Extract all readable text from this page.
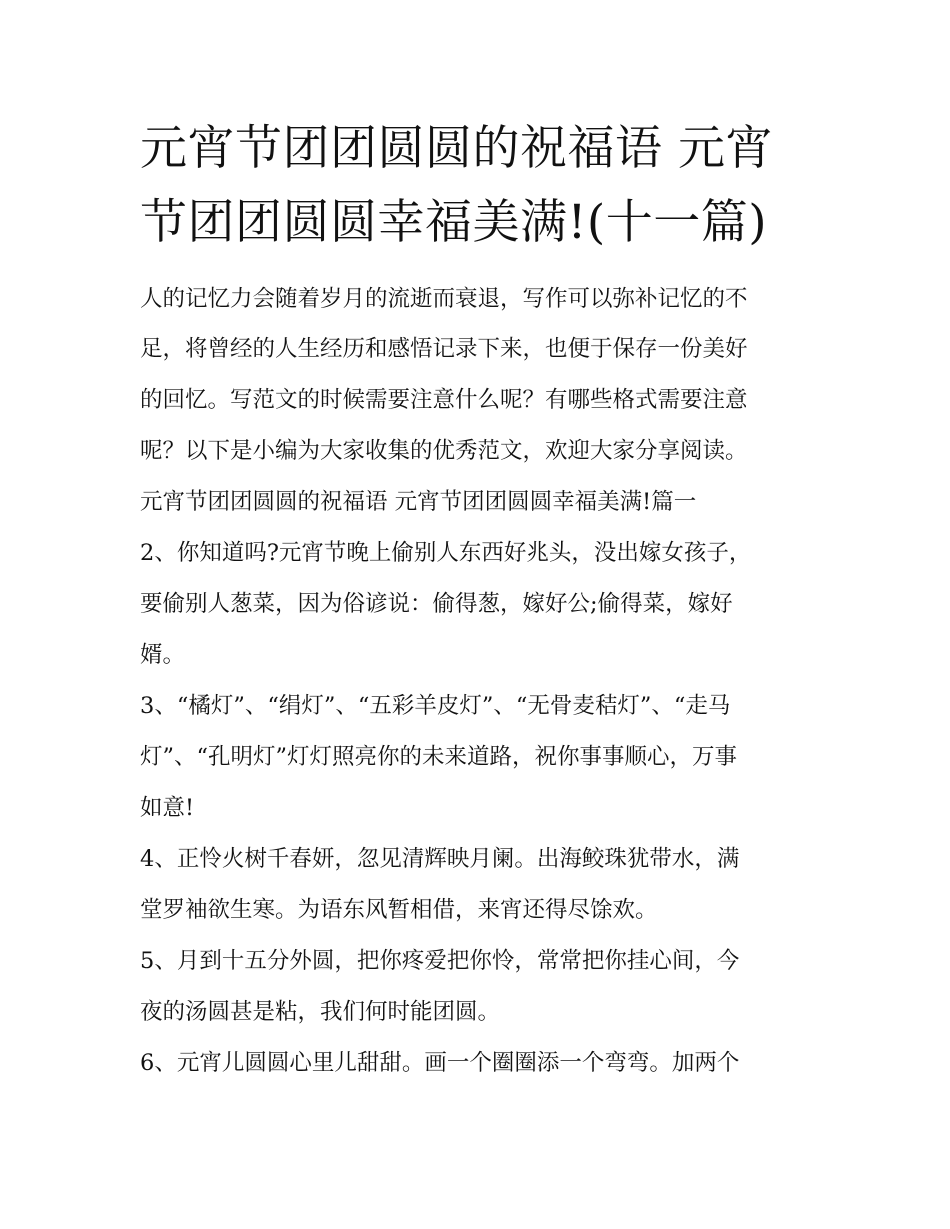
元宵节团团圆圆的祝福语 元宵
节团团圆圆幸福美满!(十一篇)

人的记忆力会随着岁月的流逝而衰退，写作可以弥补记忆的不

足，将曾经的人生经历和感悟记录下来，也便于保存一份美好

的回忆。写范文的时候需要注意什么呢？有哪些格式需要注意

呢？以下是小编为大家收集的优秀范文，欢迎大家分享阅读。

元宵节团团圆圆的祝福语 元宵节团团圆圆幸福美满!篇一

2、你知道吗?元宵节晚上偷别人东西好兆头，没出嫁女孩子，

要偷别人葱菜，因为俗谚说：偷得葱，嫁好公;偷得菜，嫁好

婿。

3、“橘灯”、“绢灯”、“五彩羊皮灯”、“无骨麦秸灯”、“走马

灯”、“孔明灯”灯灯照亮你的未来道路，祝你事事顺心，万事

如意!

4、正怜火树千春妍，忽见清辉映月阑。出海鲛珠犹带水，满

堂罗袖欲生寒。为语东风暂相借，来宵还得尽馀欢。

5、月到十五分外圆，把你疼爱把你怜，常常把你挂心间，今

夜的汤圆甚是粘，我们何时能团圆。

6、元宵儿圆圆心里儿甜甜。画一个圈圈添一个弯弯。加两个
